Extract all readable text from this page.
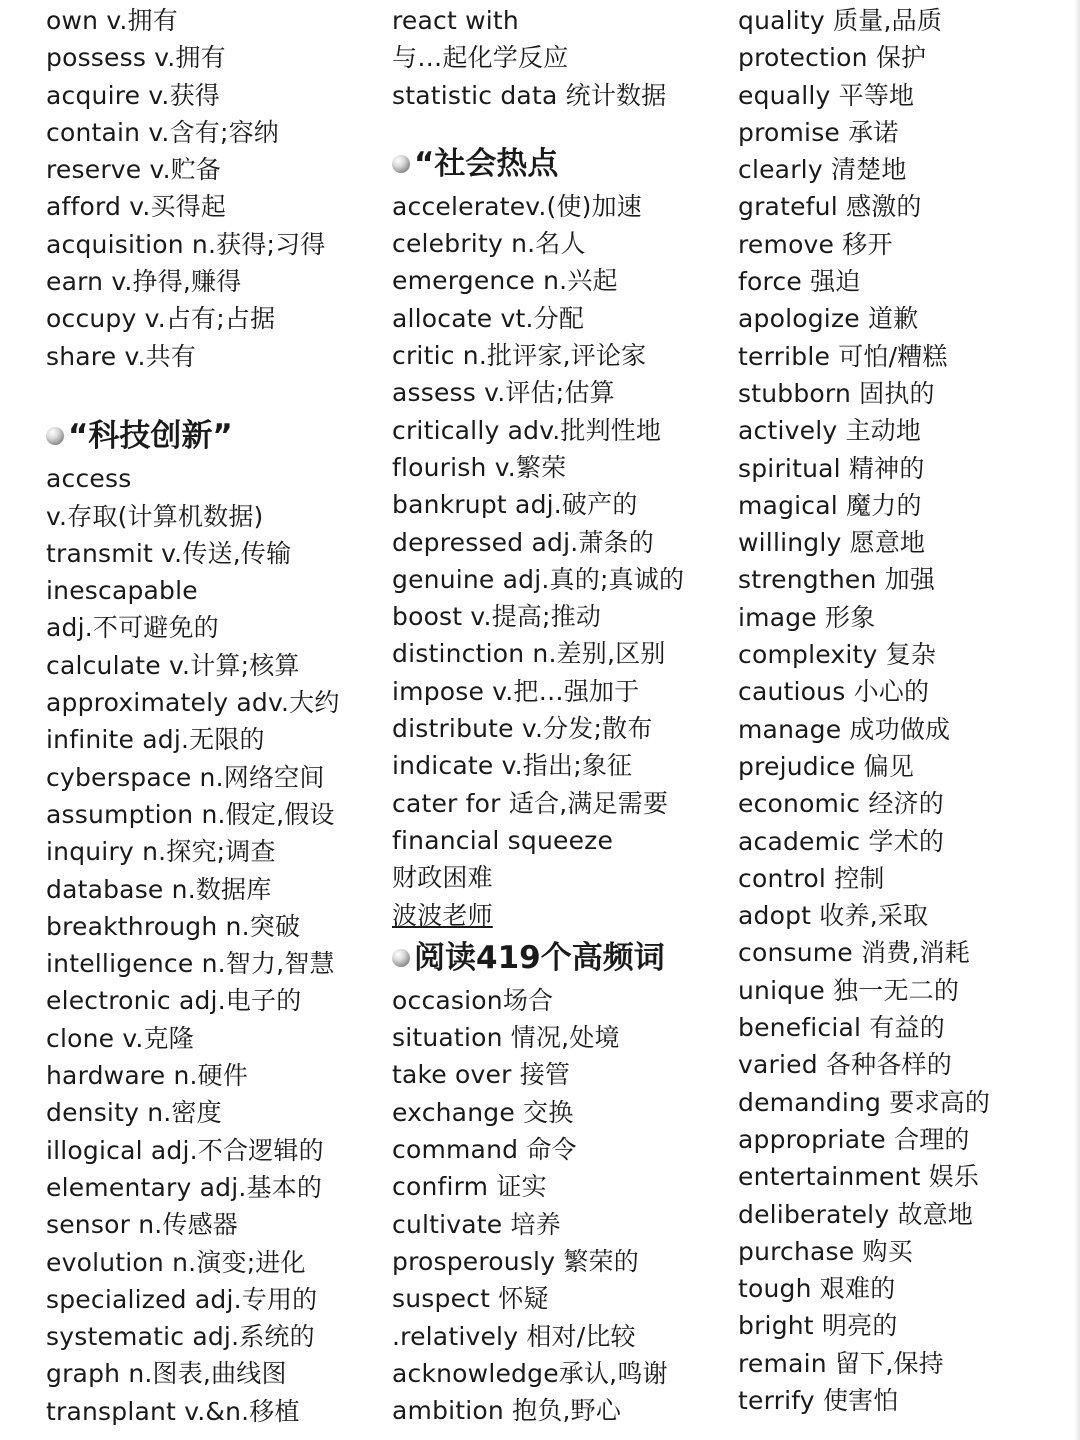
own v.拥有
possess v.拥有
acquire v.获得
contain v.含有;容纳
reserve v.贮备
afford v.买得起
acquisition n.获得;习得
earn v.挣得,赚得
occupy v.占有;占据
share v.共有
“科技创新”
access
v.存取(计算机数据)
transmit v.传送,传输
inescapable
adj.不可避免的
calculate v.计算;核算
approximately adv.大约
infinite adj.无限的
cyberspace n.网络空间
assumption n.假定,假设
inquiry n.探究;调查
database n.数据库
breakthrough n.突破
intelligence n.智力,智慧
electronic adj.电子的
clone v.克隆
hardware n.硬件
density n.密度
illogical adj.不合逻辑的
elementary adj.基本的
sensor n.传感器
evolution n.演变;进化
specialized adj.专用的
systematic adj.系统的
graph n.图表,曲线图
transplant v.&n.移植
react with
与…起化学反应
statistic data 统计数据
“社会热点
acceleratev.(使)加速
celebrity n.名人
emergence n.兴起
allocate vt.分配
critic n.批评家,评论家
assess v.评估;估算
critically adv.批判性地
flourish v.繁荣
bankrupt adj.破产的
depressed adj.萧条的
genuine adj.真的;真诚的
boost v.提高;推动
distinction n.差别,区别
impose v.把…强加于
distribute v.分发;散布
indicate v.指出;象征
cater for 适合,满足需要
financial squeeze
财政困难
波波老师
阅读419个高频词
occasion场合
situation 情况,处境
take over 接管
exchange 交换
command 命令
confirm 证实
cultivate 培养
prosperously 繁荣的
suspect 怀疑
.relatively 相对/比较
acknowledge承认,鸣谢
ambition 抱负,野心
quality 质量,品质
protection 保护
equally 平等地
promise 承诺
clearly 清楚地
grateful 感激的
remove 移开
force 强迫
apologize 道歉
terrible 可怕/糟糕
stubborn 固执的
actively 主动地
spiritual 精神的
magical 魔力的
willingly 愿意地
strengthen 加强
image 形象
complexity 复杂
cautious 小心的
manage 成功做成
prejudice 偏见
economic 经济的
academic 学术的
control 控制
adopt 收养,采取
consume 消费,消耗
unique 独一无二的
beneficial 有益的
varied 各种各样的
demanding 要求高的
appropriate 合理的
entertainment 娱乐
deliberately 故意地
purchase 购买
tough 艰难的
bright 明亮的
remain 留下,保持
terrify 使害怕
